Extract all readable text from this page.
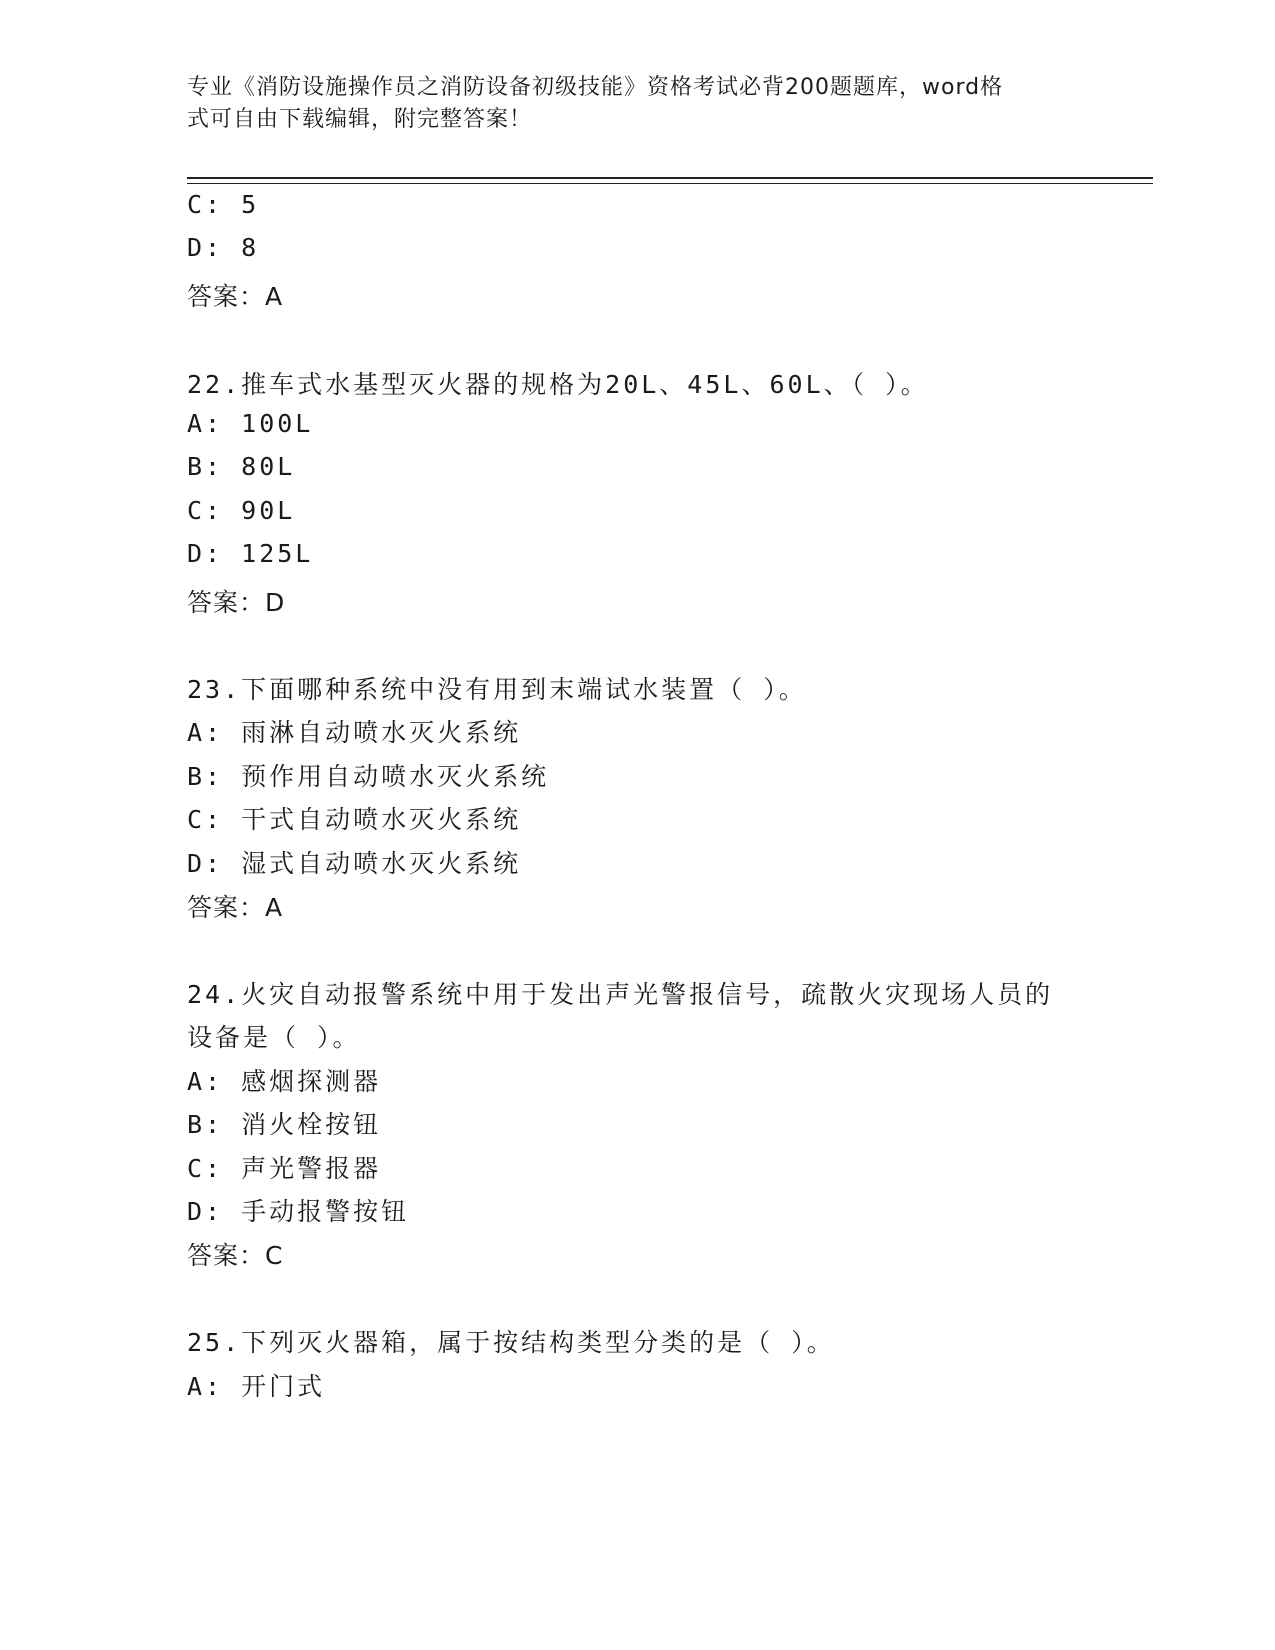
专业《消防设施操作员之消防设备初级技能》资格考试必背200题题库，word格
式可自由下载编辑，附完整答案！
C: 5
D: 8
答案：A
22.推车式水基型灭火器的规格为20L、45L、60L、（ ）。
A: 100L
B: 80L
C: 90L
D: 125L
答案：D
23.下面哪种系统中没有用到末端试水装置（ ）。
A: 雨淋自动喷水灭火系统
B: 预作用自动喷水灭火系统
C: 干式自动喷水灭火系统
D: 湿式自动喷水灭火系统
答案：A
24.火灾自动报警系统中用于发出声光警报信号，疏散火灾现场人员的
设备是（ ）。
A: 感烟探测器
B: 消火栓按钮
C: 声光警报器
D: 手动报警按钮
答案：C
25.下列灭火器箱，属于按结构类型分类的是（ ）。
A: 开门式
